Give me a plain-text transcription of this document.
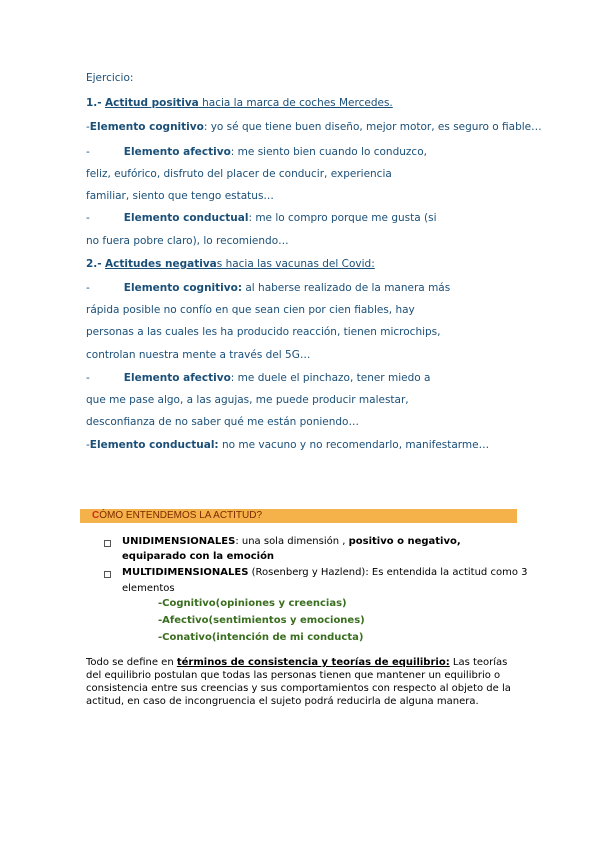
Ejercicio:
1.- Actitud positiva hacia la marca de coches Mercedes.
-Elemento cognitivo: yo sé que tiene buen diseño, mejor motor, es seguro o fiable…
-	Elemento afectivo: me siento bien cuando lo conduzco,
feliz, eufórico, disfruto del placer de conducir, experiencia
familiar, siento que tengo estatus…
-	Elemento conductual: me lo compro porque me gusta (si
no fuera pobre claro), lo recomiendo…
2.- Actitudes negativas hacia las vacunas del Covid:
-	Elemento cognitivo: al haberse realizado de la manera más
rápida posible no confío en que sean cien por cien fiables, hay
personas a las cuales les ha producido reacción, tienen microchips,
controlan nuestra mente a través del 5G…
-	Elemento afectivo: me duele el pinchazo, tener miedo a
que me pase algo, a las agujas, me puede producir malestar,
desconfianza de no saber qué me están poniendo…
-Elemento conductual: no me vacuno y no recomendarlo, manifestarme…
CÓMO ENTENDEMOS LA ACTITUD?
UNIDIMENSIONALES: una sola dimensión , positivo o negativo,
equiparado con la emoción
MULTIDIMENSIONALES (Rosenberg y Hazlend): Es entendida la actitud como 3
elementos
-Cognitivo(opiniones y creencias)
-Afectivo(sentimientos y emociones)
-Conativo(intención de mi conducta)
Todo se define en términos de consistencia y teorías de equilibrio: Las teorías del equilibrio postulan que todas las personas tienen que mantener un equilibrio o consistencia entre sus creencias y sus comportamientos con respecto al objeto de la actitud, en caso de incongruencia el sujeto podrá reducirla de alguna manera.
